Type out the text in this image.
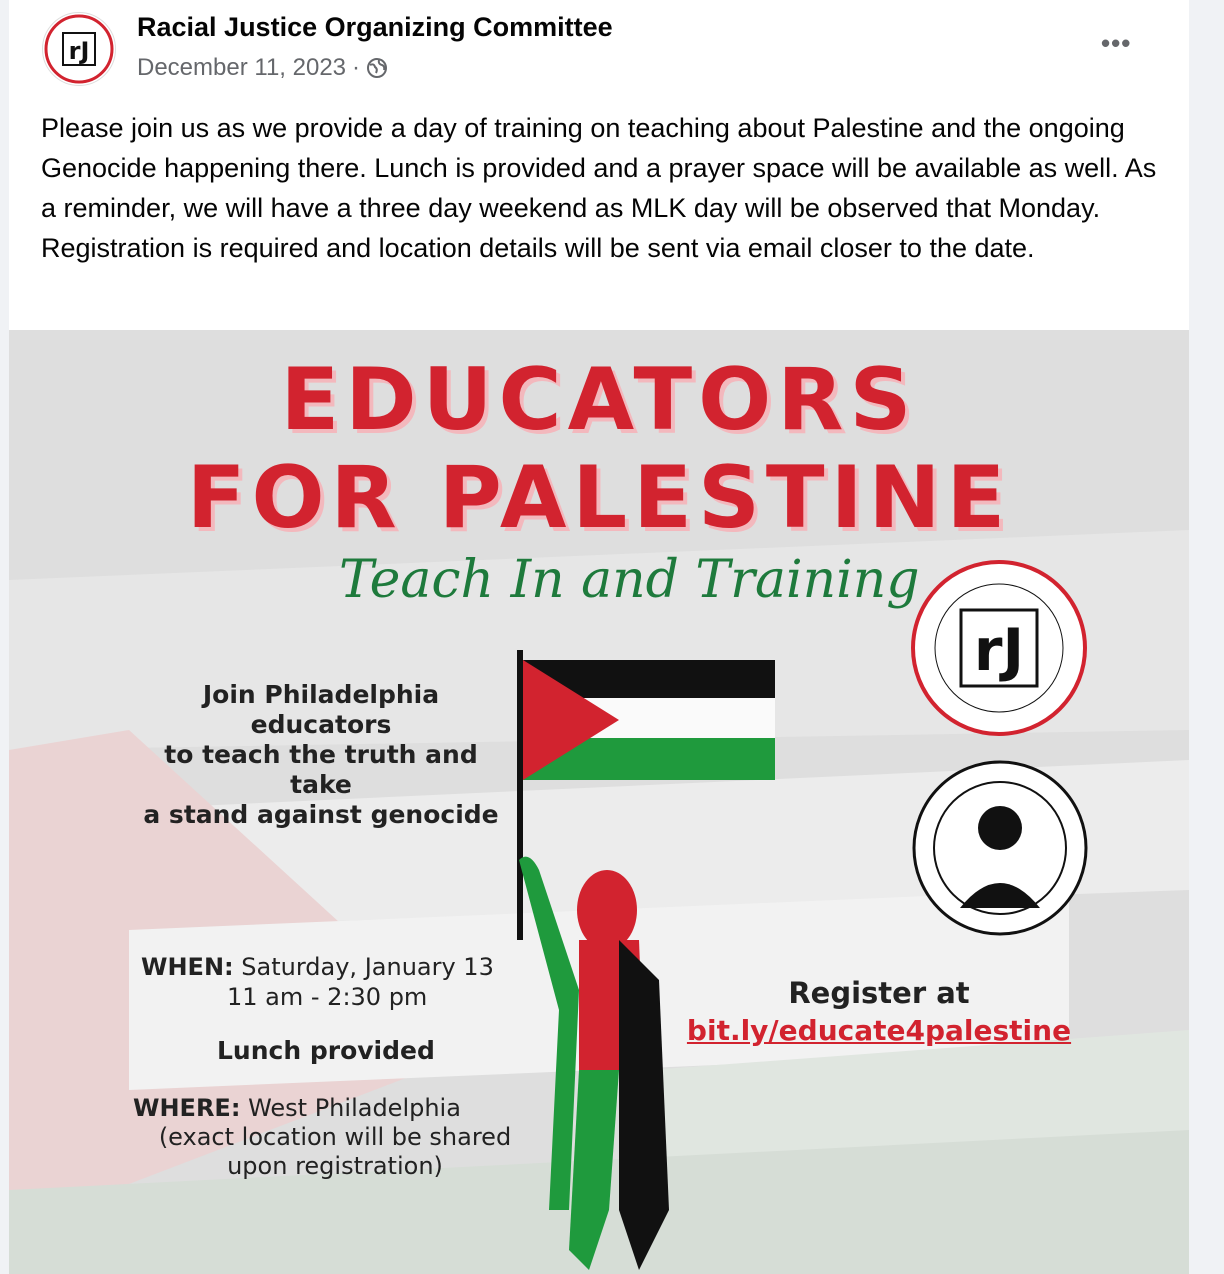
rJ
Racial Justice Organizing Committee
December 11, 2023 ·
•••
Please join us as we provide a day of training on teaching about Palestine and the ongoing Genocide happening there. Lunch is provided and a prayer space will be available as well. As a reminder, we will have a three day weekend as MLK day will be observed that Monday. Registration is required and location details will be sent via email closer to the date.
EDUCATORS
FOR PALESTINE
Teach In and Training
rJ
Join Philadelphia educators
to teach the truth and take
a stand against genocide
WHEN: Saturday, January 13
11 am - 2:30 pm
Lunch provided
WHERE: West Philadelphia

(exact location will be shared
upon registration)
Register at
bit.ly/educate4palestine
